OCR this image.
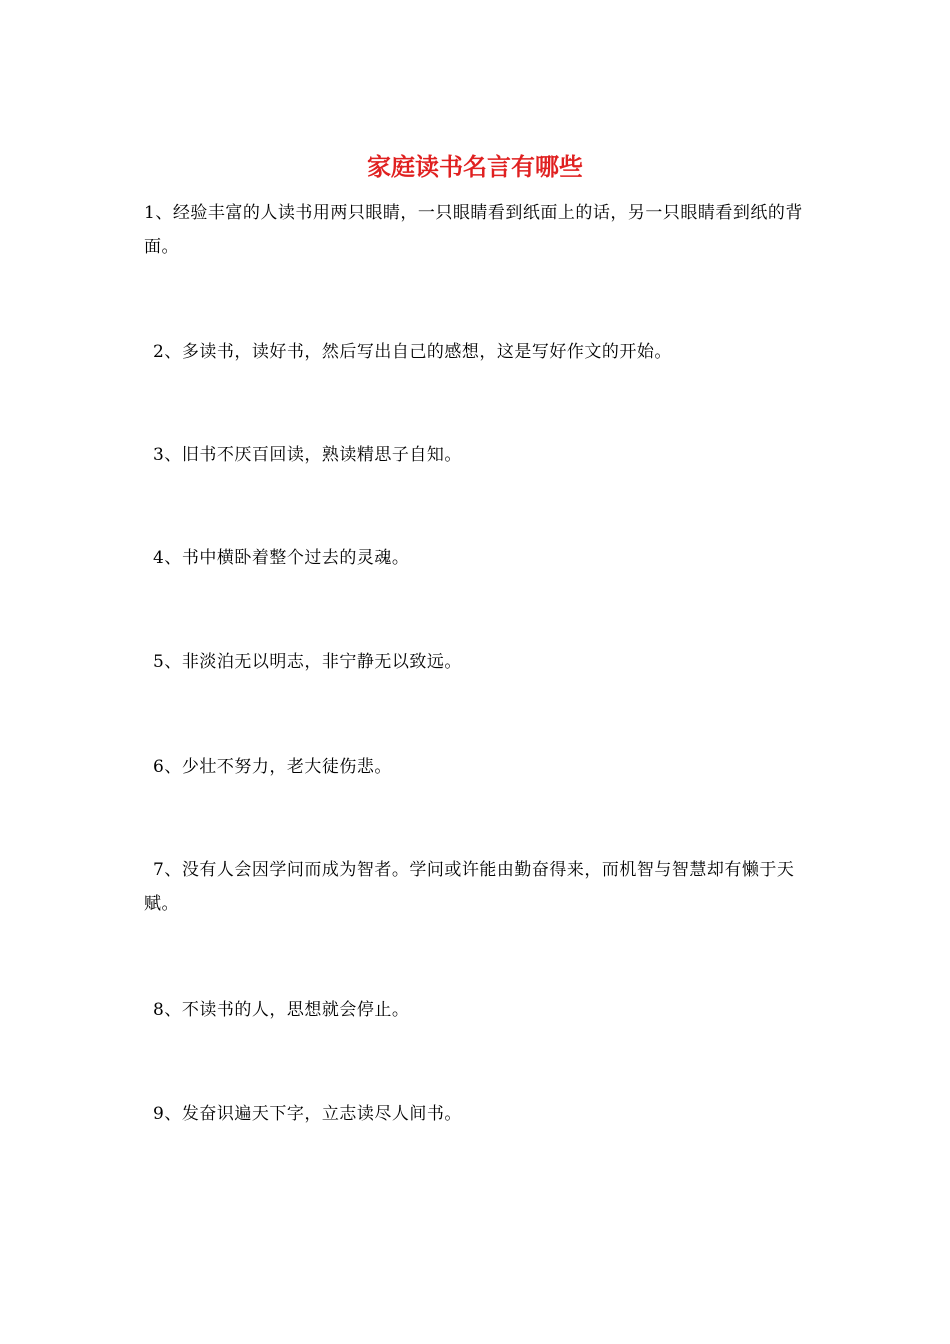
家庭读书名言有哪些
1、经验丰富的人读书用两只眼睛，一只眼睛看到纸面上的话，另一只眼睛看到纸的背面。
2、多读书，读好书，然后写出自己的感想，这是写好作文的开始。
3、旧书不厌百回读，熟读精思子自知。
4、书中横卧着整个过去的灵魂。
5、非淡泊无以明志，非宁静无以致远。
6、少壮不努力，老大徒伤悲。
7、没有人会因学问而成为智者。学问或许能由勤奋得来，而机智与智慧却有懒于天赋。
8、不读书的人，思想就会停止。
9、发奋识遍天下字，立志读尽人间书。
